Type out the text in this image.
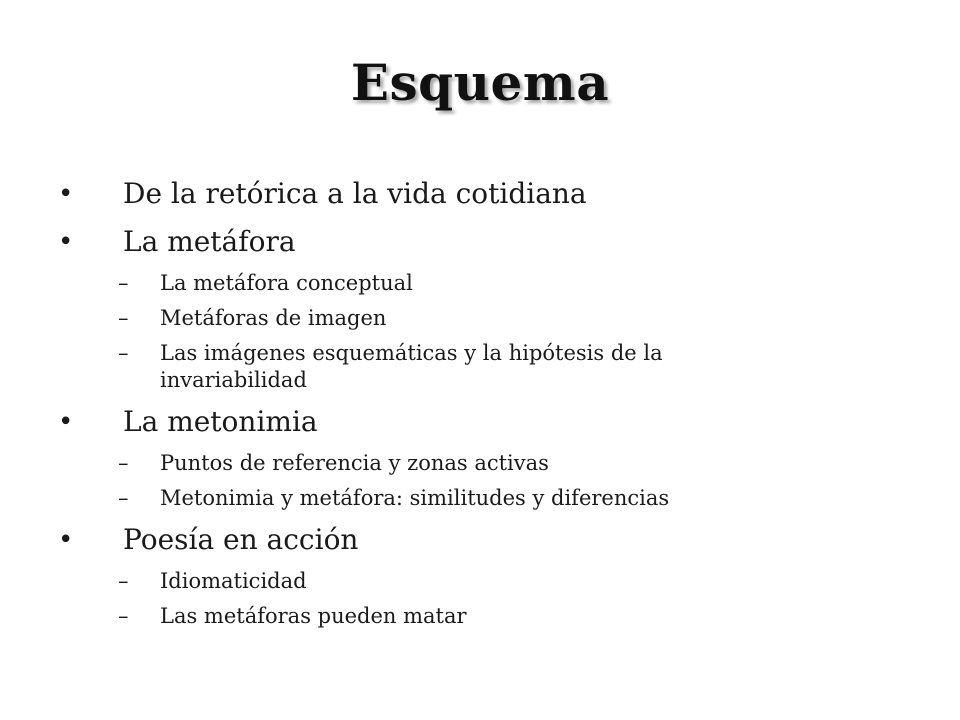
Esquema
• De la retórica a la vida cotidiana
• La metáfora
– La metáfora conceptual
– Metáforas de imagen
– Las imágenes esquemáticas y la hipótesis de la invariabilidad
• La metonimia
– Puntos de referencia y zonas activas
– Metonimia y metáfora: similitudes y diferencias
• Poesía en acción
– Idiomaticidad
– Las metáforas pueden matar
